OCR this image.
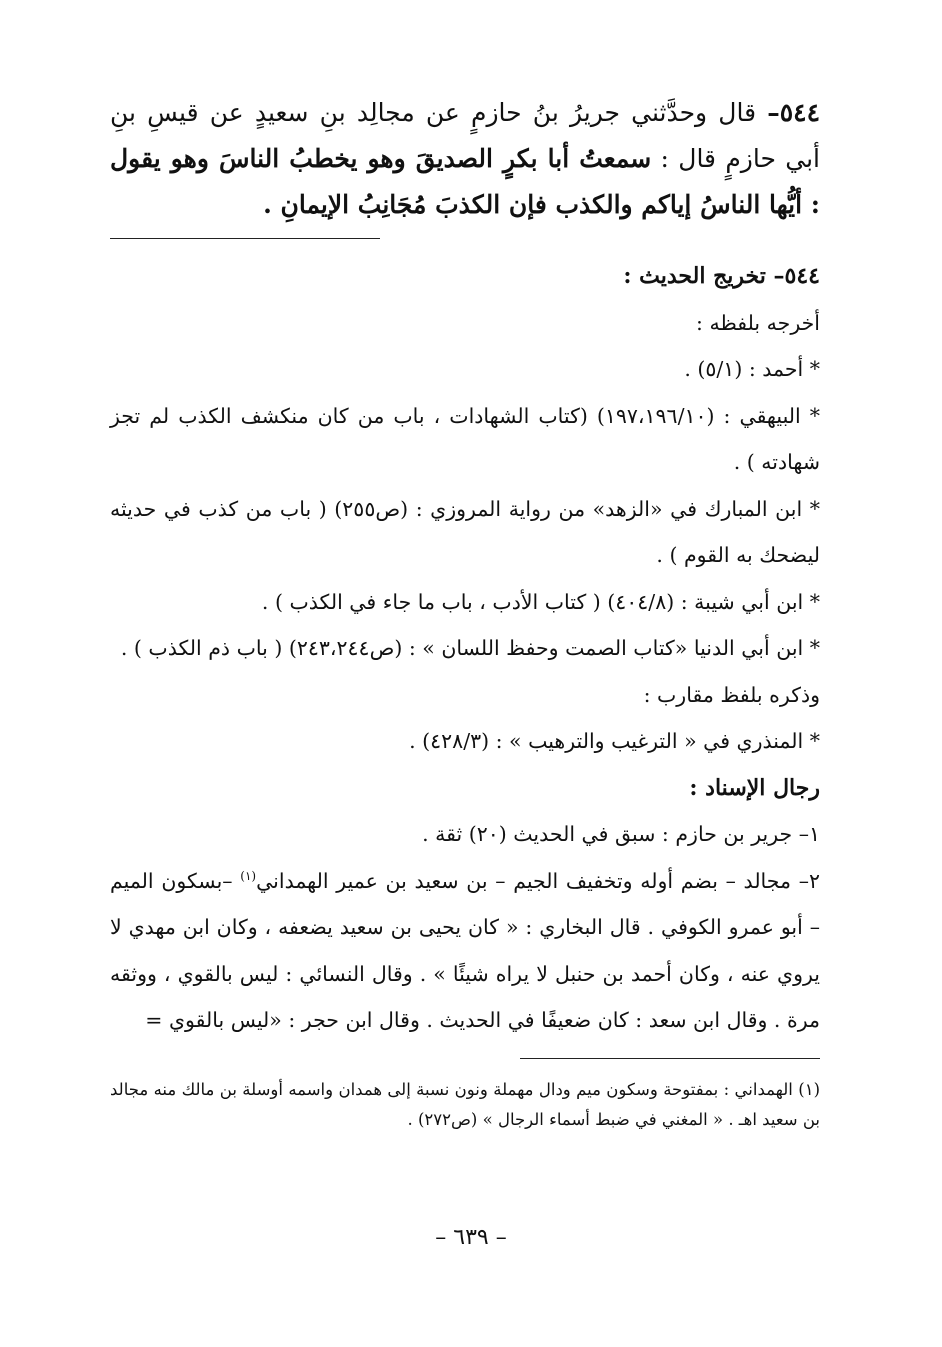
٥٤٤– قال وحدَّثني جريرُ بنُ حازمٍ عن مجالِد بنِ سعيدٍ عن قيسِ بنِ أبي حازمٍ قال : سمعتُ أبا بكرٍ الصديقَ وهو يخطبُ الناسَ وهو يقول : أيُّها الناسُ إياكم والكذب فإن الكذبَ مُجَانِبُ الإيمانِ .

٥٤٤– تخريج الحديث :

أخرجه بلفظه :

* أحمد : (٥/١) .

* البيهقي : (١٩٧،١٩٦/١٠) (كتاب الشهادات ، باب من كان منكشف الكذب لم تجز شهادته ) .

* ابن المبارك في «الزهد» من رواية المروزي : (ص٢٥٥) ( باب من كذب في حديثه ليضحك به القوم ) .

* ابن أبي شيبة : (٤٠٤/٨) ( كتاب الأدب ، باب ما جاء في الكذب ) .

* ابن أبي الدنيا «كتاب الصمت وحفظ اللسان » : (ص٢٤٣،٢٤٤) ( باب ذم الكذب ) .

وذكره بلفظ مقارب :

* المنذري في « الترغيب والترهيب » : (٤٢٨/٣) .

رجال الإسناد :

١– جرير بن حازم : سبق في الحديث (٢٠) ثقة .

٢– مجالد – بضم أوله وتخفيف الجيم – بن سعيد بن عمير الهمداني$^{(١)}$ –بسكون الميم – أبو عمرو الكوفي . قال البخاري : « كان يحيى بن سعيد يضعفه ، وكان ابن مهدي لا يروي عنه ، وكان أحمد بن حنبل لا يراه شيئًا » . وقال النسائي : ليس بالقوي ، ووثقه مرة . وقال ابن سعد : كان ضعيفًا في الحديث . وقال ابن حجر : «ليس بالقوي =

(١) الهمداني : بمفتوحة وسكون ميم ودال مهملة ونون نسبة إلى همدان واسمه أوسلة بن مالك منه مجالد بن سعيد اهـ . « المغني في ضبط أسماء الرجال » (ص٢٧٢) .

– ٦٣٩ –
